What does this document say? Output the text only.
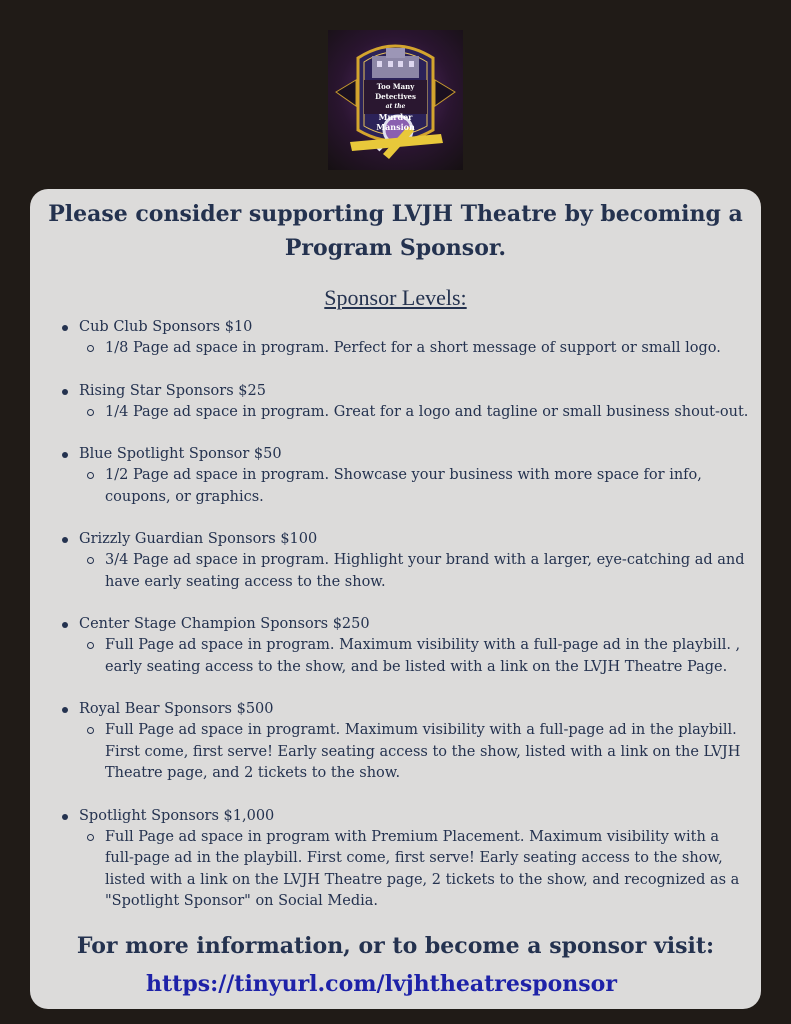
Too Many Detectives
at the
Murder Mansion
Please consider supporting LVJH Theatre by becoming a
Program Sponsor.
Sponsor Levels:
Cub Club Sponsors $10
1/8 Page ad space in program. Perfect for a short message of support or small logo.
Rising Star Sponsors $25
1/4 Page ad space in program. Great for a logo and tagline or small business shout-out.
Blue Spotlight Sponsor $50
1/2 Page ad space in program. Showcase your business with more space for info, coupons, or graphics.
Grizzly Guardian Sponsors $100
3/4 Page ad space in program. Highlight your brand with a larger, eye-catching ad and have early seating access to the show.
Center Stage Champion Sponsors $250
Full Page ad space in program. Maximum visibility with a full-page ad in the playbill. , early seating access to the show, and be listed with a link on the LVJH Theatre Page.
Royal Bear Sponsors $500
Full Page ad space in programt. Maximum visibility with a full-page ad in the playbill. First come, first serve! Early seating access to the show, listed with a link on the LVJH Theatre page, and 2 tickets to the show.
Spotlight Sponsors $1,000
Full Page ad space in program with Premium Placement. Maximum visibility with a full-page ad in the playbill. First come, first serve! Early seating access to the show, listed with a link on the LVJH Theatre page, 2 tickets to the show, and recognized as a "Spotlight Sponsor" on Social Media.
For more information, or to become a sponsor visit:
https://tinyurl.com/lvjhtheatresponsor
